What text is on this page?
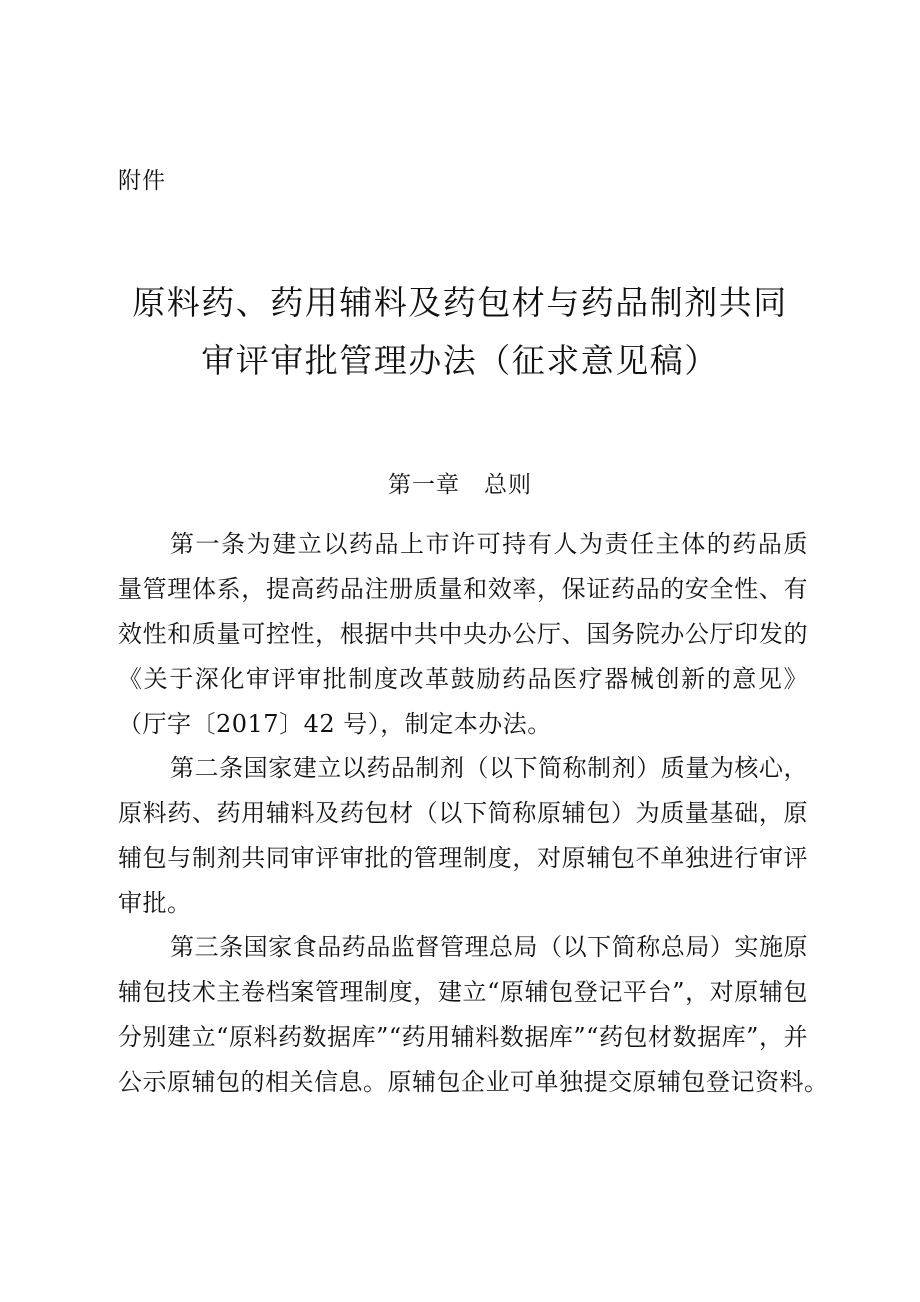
附件
原料药、药用辅料及药包材与药品制剂共同
审评审批管理办法（征求意见稿）
第一章 总则
第一条为建立以药品上市许可持有人为责任主体的药品质
量管理体系，提高药品注册质量和效率，保证药品的安全性、有
效性和质量可控性，根据中共中央办公厅、国务院办公厅印发的
《关于深化审评审批制度改革鼓励药品医疗器械创新的意见》
（厅字〔2017〕42 号），制定本办法。
第二条国家建立以药品制剂（以下简称制剂）质量为核心，
原料药、药用辅料及药包材（以下简称原辅包）为质量基础，原
辅包与制剂共同审评审批的管理制度，对原辅包不单独进行审评
审批。
第三条国家食品药品监督管理总局（以下简称总局）实施原
辅包技术主卷档案管理制度，建立“原辅包登记平台”，对原辅包
分别建立“原料药数据库”“药用辅料数据库”“药包材数据库”，并
公示原辅包的相关信息。原辅包企业可单独提交原辅包登记资料。
